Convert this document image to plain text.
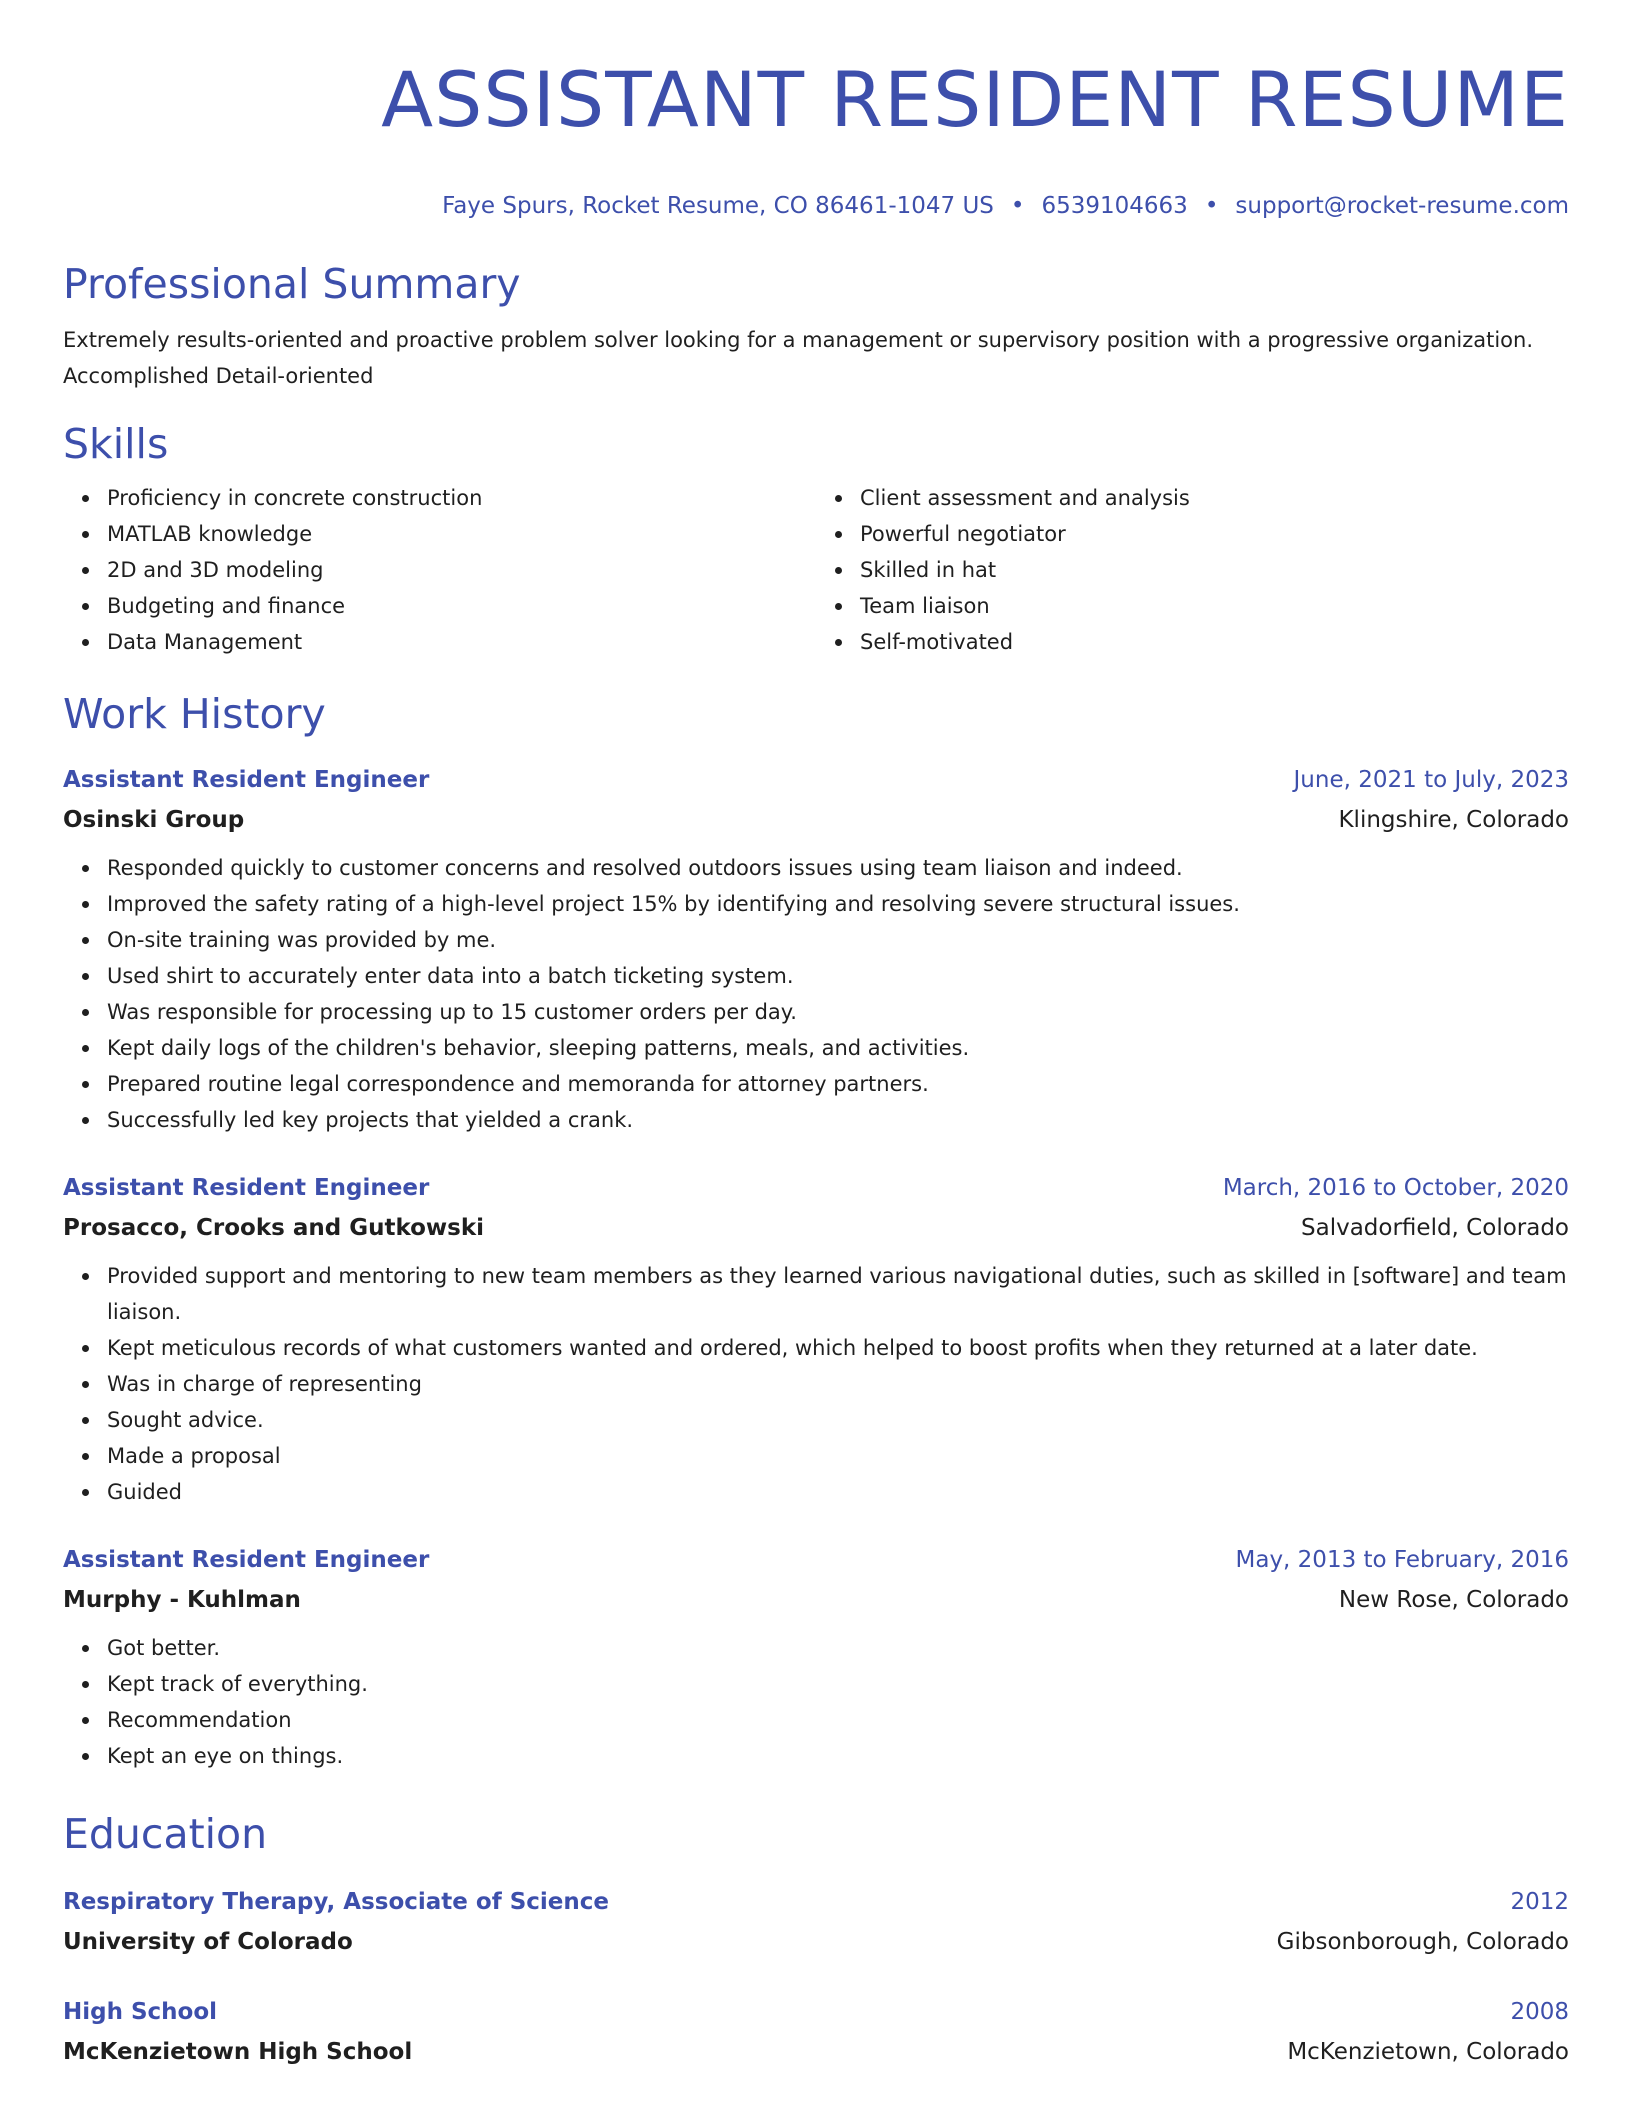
ASSISTANT RESIDENT RESUME
Faye Spurs, Rocket Resume, CO 86461-1047 US • 6539104663 • support@rocket-resume.com
Professional Summary
Extremely results-oriented and proactive problem solver looking for a management or supervisory position with a progressive organization. Accomplished Detail-oriented
Skills
Proficiency in concrete construction
MATLAB knowledge
2D and 3D modeling
Budgeting and finance
Data Management
Client assessment and analysis
Powerful negotiator
Skilled in hat
Team liaison
Self-motivated
Work History
Assistant Resident Engineer	June, 2021 to July, 2023
Osinski Group	Klingshire, Colorado
Responded quickly to customer concerns and resolved outdoors issues using team liaison and indeed.
Improved the safety rating of a high-level project 15% by identifying and resolving severe structural issues.
On-site training was provided by me.
Used shirt to accurately enter data into a batch ticketing system.
Was responsible for processing up to 15 customer orders per day.
Kept daily logs of the children's behavior, sleeping patterns, meals, and activities.
Prepared routine legal correspondence and memoranda for attorney partners.
Successfully led key projects that yielded a crank.
Assistant Resident Engineer	March, 2016 to October, 2020
Prosacco, Crooks and Gutkowski	Salvadorfield, Colorado
Provided support and mentoring to new team members as they learned various navigational duties, such as skilled in [software] and team liaison.
Kept meticulous records of what customers wanted and ordered, which helped to boost profits when they returned at a later date.
Was in charge of representing
Sought advice.
Made a proposal
Guided
Assistant Resident Engineer	May, 2013 to February, 2016
Murphy - Kuhlman	New Rose, Colorado
Got better.
Kept track of everything.
Recommendation
Kept an eye on things.
Education
Respiratory Therapy, Associate of Science	2012
University of Colorado	Gibsonborough, Colorado
High School	2008
McKenzietown High School	McKenzietown, Colorado
